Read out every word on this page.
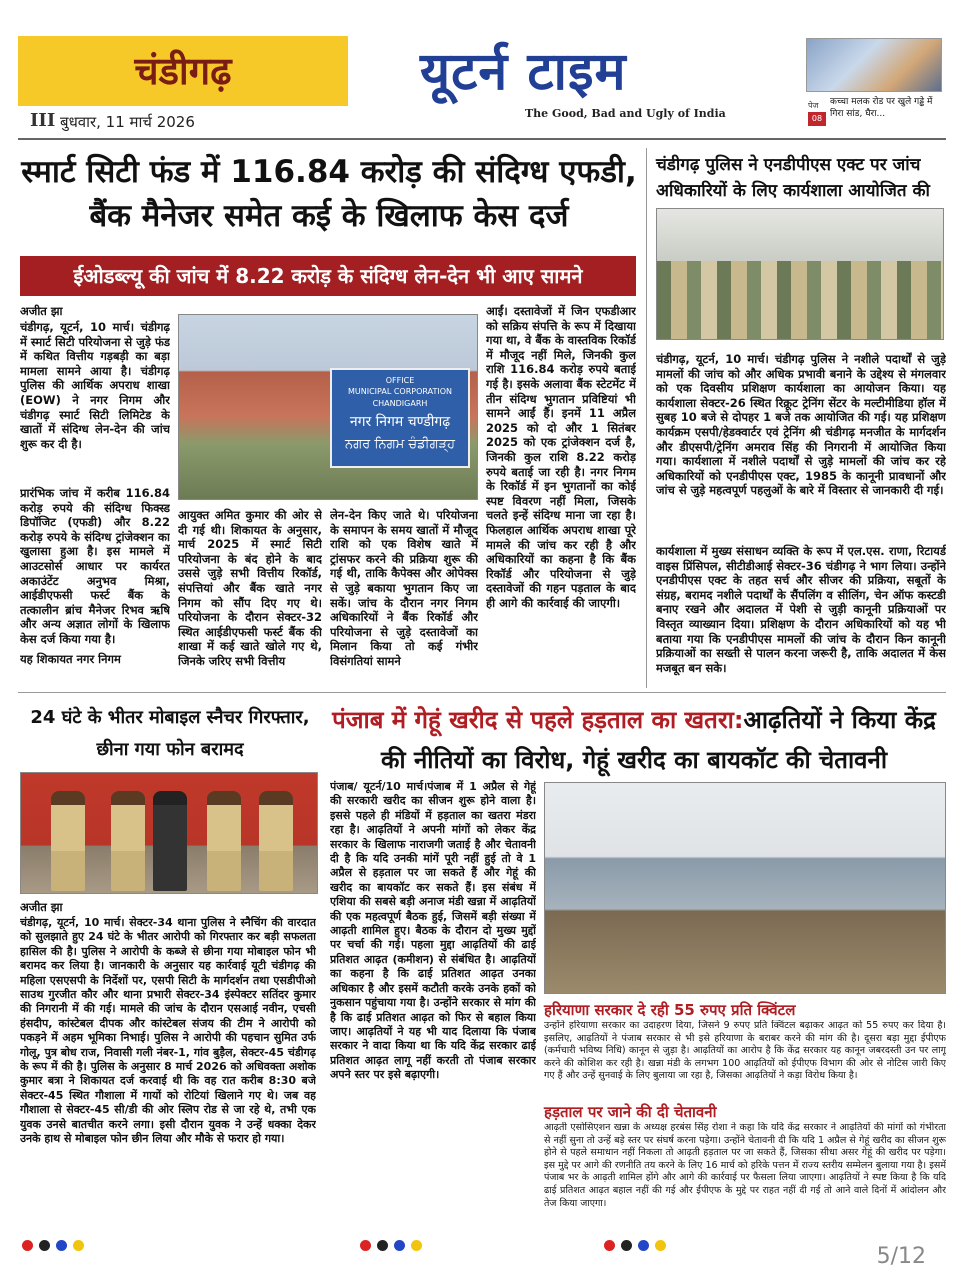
चंडीगढ़
III बुधवार, 11 मार्च 2026
यूटर्न टाइम
The Good, Bad and Ugly of India
पेज
08
कच्चा मलक रोड पर खुले गड्ढे में गिरा सांड, घैरा...
स्मार्ट सिटी फंड में 116.84 करोड़ की संदिग्ध एफडी, बैंक मैनेजर समेत कई के खिलाफ केस दर्ज
ईओडब्ल्यू की जांच में 8.22 करोड़ के संदिग्ध लेन-देन भी आए सामने
अजीत झा
चंडीगढ़, यूटर्न, 10 मार्च। चंडीगढ़ में स्मार्ट सिटी परियोजना से जुड़े फंड में कथित वित्तीय गड़बड़ी का बड़ा मामला सामने आया है। चंडीगढ़ पुलिस की आर्थिक अपराध शाखा (EOW) ने नगर निगम और चंडीगढ़ स्मार्ट सिटी लिमिटेड के खातों में संदिग्ध लेन-देन की जांच शुरू कर दी है।
प्रारंभिक जांच में करीब 116.84 करोड़ रुपये की संदिग्ध फिक्स्ड डिपॉजिट (एफडी) और 8.22 करोड़ रुपये के संदिग्ध ट्रांजेक्शन का खुलासा हुआ है। इस मामले में आउटसोर्स आधार पर कार्यरत अकाउंटेंट अनुभव मिश्रा, आईडीएफसी फर्स्ट बैंक के तत्कालीन ब्रांच मैनेजर रिभव ऋषि और अन्य अज्ञात लोगों के खिलाफ केस दर्ज किया गया है।
यह शिकायत नगर निगम
OFFICE
MUNICIPAL CORPORATION CHANDIGARH
नगर निगम चण्डीगढ़
ਨਗਰ ਨਿਗਮ ਚੰਡੀਗੜ੍ਹ
आयुक्त अमित कुमार की ओर से दी गई थी। शिकायत के अनुसार, मार्च 2025 में स्मार्ट सिटी परियोजना के बंद होने के बाद उससे जुड़े सभी वित्तीय रिकॉर्ड, संपत्तियां और बैंक खाते नगर निगम को सौंप दिए गए थे। परियोजना के दौरान सेक्टर-32 स्थित आईडीएफसी फर्स्ट बैंक की शाखा में कई खाते खोले गए थे, जिनके जरिए सभी वित्तीय
लेन-देन किए जाते थे। परियोजना के समापन के समय खातों में मौजूद राशि को एक विशेष खाते में ट्रांसफर करने की प्रक्रिया शुरू की गई थी, ताकि कैपेक्स और ओपेक्स से जुड़े बकाया भुगतान किए जा सकें। जांच के दौरान नगर निगम अधिकारियों ने बैंक रिकॉर्ड और परियोजना से जुड़े दस्तावेजों का मिलान किया तो कई गंभीर विसंगतियां सामने
आईं। दस्तावेजों में जिन एफडीआर को सक्रिय संपत्ति के रूप में दिखाया गया था, वे बैंक के वास्तविक रिकॉर्ड में मौजूद नहीं मिले, जिनकी कुल राशि 116.84 करोड़ रुपये बताई गई है। इसके अलावा बैंक स्टेटमेंट में तीन संदिग्ध भुगतान प्रविष्टियां भी सामने आईं हैं। इनमें 11 अप्रैल 2025 को दो और 1 सितंबर 2025 को एक ट्रांजेक्शन दर्ज है, जिनकी कुल राशि 8.22 करोड़ रुपये बताई जा रही है। नगर निगम के रिकॉर्ड में इन भुगतानों का कोई स्पष्ट विवरण नहीं मिला, जिसके चलते इन्हें संदिग्ध माना जा रहा है। फिलहाल आर्थिक अपराध शाखा पूरे मामले की जांच कर रही है और अधिकारियों का कहना है कि बैंक रिकॉर्ड और परियोजना से जुड़े दस्तावेजों की गहन पड़ताल के बाद ही आगे की कार्रवाई की जाएगी।
चंडीगढ़ पुलिस ने एनडीपीएस एक्ट पर जांच अधिकारियों के लिए कार्यशाला आयोजित की
चंडीगढ़, यूटर्न, 10 मार्च। चंडीगढ़ पुलिस ने नशीले पदार्थों से जुड़े मामलों की जांच को और अधिक प्रभावी बनाने के उद्देश्य से मंगलवार को एक दिवसीय प्रशिक्षण कार्यशाला का आयोजन किया। यह कार्यशाला सेक्टर-26 स्थित रिक्रूट ट्रेनिंग सेंटर के मल्टीमीडिया हॉल में सुबह 10 बजे से दोपहर 1 बजे तक आयोजित की गई। यह प्रशिक्षण कार्यक्रम एसपी/हेडक्वार्टर एवं ट्रेनिंग श्री चंडीगढ़ मनजीत के मार्गदर्शन और डीएसपी/ट्रेनिंग अमराव सिंह की निगरानी में आयोजित किया गया। कार्यशाला में नशीले पदार्थों से जुड़े मामलों की जांच कर रहे अधिकारियों को एनडीपीएस एक्ट, 1985 के कानूनी प्रावधानों और जांच से जुड़े महत्वपूर्ण पहलुओं के बारे में विस्तार से जानकारी दी गई।
कार्यशाला में मुख्य संसाधन व्यक्ति के रूप में एल.एस. राणा, रिटायर्ड वाइस प्रिंसिपल, सीटीडीआई सेक्टर-36 चंडीगढ़ ने भाग लिया। उन्होंने एनडीपीएस एक्ट के तहत सर्च और सीजर की प्रक्रिया, सबूतों के संग्रह, बरामद नशीले पदार्थों के सैंपलिंग व सीलिंग, चेन ऑफ कस्टडी बनाए रखने और अदालत में पेशी से जुड़ी कानूनी प्रक्रियाओं पर विस्तृत व्याख्यान दिया। प्रशिक्षण के दौरान अधिकारियों को यह भी बताया गया कि एनडीपीएस मामलों की जांच के दौरान किन कानूनी प्रक्रियाओं का सख्ती से पालन करना जरूरी है, ताकि अदालत में केस मजबूत बन सके।
24 घंटे के भीतर मोबाइल स्नैचर गिरफ्तार, छीना गया फोन बरामद
अजीत झा
चंडीगढ़, यूटर्न, 10 मार्च। सेक्टर-34 थाना पुलिस ने स्नैचिंग की वारदात को सुलझाते हुए 24 घंटे के भीतर आरोपी को गिरफ्तार कर बड़ी सफलता हासिल की है। पुलिस ने आरोपी के कब्जे से छीना गया मोबाइल फोन भी बरामद कर लिया है। जानकारी के अनुसार यह कार्रवाई यूटी चंडीगढ़ की महिला एसएसपी के निर्देशों पर, एसपी सिटी के मार्गदर्शन तथा एसडीपीओ साउथ गुरजीत कौर और थाना प्रभारी सेक्टर-34 इंस्पेक्टर सतिंदर कुमार की निगरानी में की गई। मामले की जांच के दौरान एसआई नवीन, एचसी हंसदीप, कांस्टेबल दीपक और कांस्टेबल संजय की टीम ने आरोपी को पकड़ने में अहम भूमिका निभाई। पुलिस ने आरोपी की पहचान सुमित उर्फ गोलू, पुत्र बोध राज, निवासी गली नंबर-1, गांव बुड़ैल, सेक्टर-45 चंडीगढ़ के रूप में की है। पुलिस के अनुसार 8 मार्च 2026 को अधिवक्ता अशोक कुमार बत्रा ने शिकायत दर्ज करवाई थी कि वह रात करीब 8:30 बजे सेक्टर-45 स्थित गौशाला में गायों को रोटियां खिलाने गए थे। जब वह गौशाला से सेक्टर-45 सी/डी की ओर स्लिप रोड से जा रहे थे, तभी एक युवक उनसे बातचीत करने लगा। इसी दौरान युवक ने उन्हें धक्का देकर उनके हाथ से मोबाइल फोन छीन लिया और मौके से फरार हो गया।
पंजाब में गेहूं खरीद से पहले हड़ताल का खतरा:आढ़तियों ने किया केंद्र की नीतियों का विरोध, गेहूं खरीद का बायकॉट की चेतावनी
पंजाब/ यूटर्न/10 मार्च।पंजाब में 1 अप्रैल से गेहूं की सरकारी खरीद का सीजन शुरू होने वाला है। इससे पहले ही मंडियों में हड़ताल का खतरा मंडरा रहा है। आढ़तियों ने अपनी मांगों को लेकर केंद्र सरकार के खिलाफ नाराजगी जताई है और चेतावनी दी है कि यदि उनकी मांगें पूरी नहीं हुई तो वे 1 अप्रैल से हड़ताल पर जा सकते हैं और गेहूं की खरीद का बायकॉट कर सकते हैं। इस संबंध में एशिया की सबसे बड़ी अनाज मंडी खन्ना में आढ़तियों की एक महत्वपूर्ण बैठक हुई, जिसमें बड़ी संख्या में आढ़ती शामिल हुए। बैठक के दौरान दो मुख्य मुद्दों पर चर्चा की गई। पहला मुद्दा आढ़तियों की ढाई प्रतिशत आढ़त (कमीशन) से संबंधित है। आढ़तियों का कहना है कि ढाई प्रतिशत आढ़त उनका अधिकार है और इसमें कटौती करके उनके हकों को नुकसान पहुंचाया गया है। उन्होंने सरकार से मांग की है कि ढाई प्रतिशत आढ़त को फिर से बहाल किया जाए। आढ़तियों ने यह भी याद दिलाया कि पंजाब सरकार ने वादा किया था कि यदि केंद्र सरकार ढाई प्रतिशत आढ़त लागू नहीं करती तो पंजाब सरकार अपने स्तर पर इसे बढ़ाएगी।
हरियाणा सरकार दे रही 55 रुपए प्रति क्विंटल
उन्होंने हरियाणा सरकार का उदाहरण दिया, जिसने 9 रुपए प्रति क्विंटल बढ़ाकर आढ़त को 55 रुपए कर दिया है। इसलिए, आढ़तियों ने पंजाब सरकार से भी इसे हरियाणा के बराबर करने की मांग की है। दूसरा बड़ा मुद्दा ईपीएफ (कर्मचारी भविष्य निधि) कानून से जुड़ा है। आढ़तियों का आरोप है कि केंद्र सरकार यह कानून जबरदस्ती उन पर लागू करने की कोशिश कर रही है। खन्ना मंडी के लगभग 100 आढ़तियों को ईपीएफ विभाग की ओर से नोटिस जारी किए गए हैं और उन्हें सुनवाई के लिए बुलाया जा रहा है, जिसका आढ़तियों ने कड़ा विरोध किया है।
हड़ताल पर जाने की दी चेतावनी
आढ़ती एसोसिएशन खन्ना के अध्यक्ष हरबंस सिंह रोशा ने कहा कि यदि केंद्र सरकार ने आढ़तियों की मांगों को गंभीरता से नहीं सुना तो उन्हें बड़े स्तर पर संघर्ष करना पड़ेगा। उन्होंने चेतावनी दी कि यदि 1 अप्रैल से गेहूं खरीद का सीजन शुरू होने से पहले समाधान नहीं निकला तो आढ़ती हड़ताल पर जा सकते हैं, जिसका सीधा असर गेहूं की खरीद पर पड़ेगा। इस मुद्दे पर आगे की रणनीति तय करने के लिए 16 मार्च को हरिके पत्तन में राज्य स्तरीय सम्मेलन बुलाया गया है। इसमें पंजाब भर के आढ़ती शामिल होंगे और आगे की कार्रवाई पर फैसला लिया जाएगा। आढ़तियों ने स्पष्ट किया है कि यदि ढाई प्रतिशत आढ़त बहाल नहीं की गई और ईपीएफ के मुद्दे पर राहत नहीं दी गई तो आने वाले दिनों में आंदोलन और तेज किया जाएगा।
5/12
